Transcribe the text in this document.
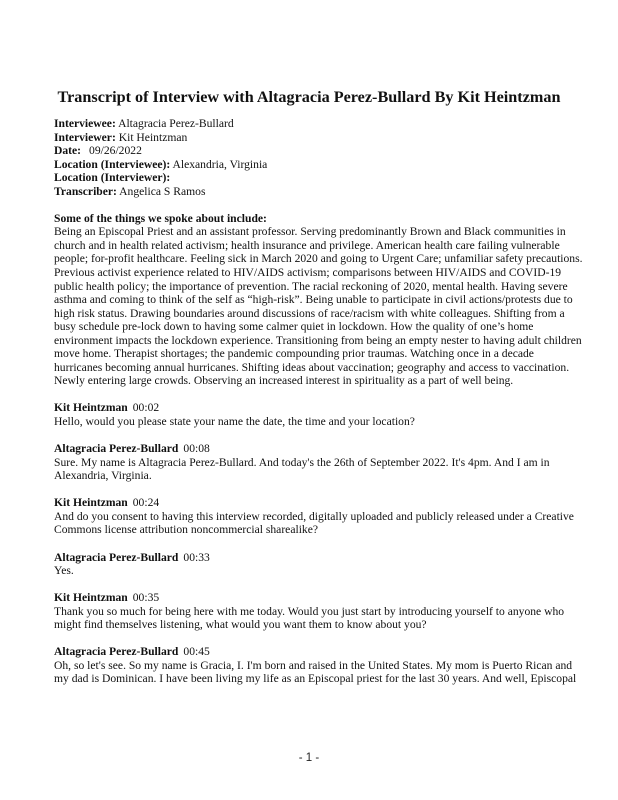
Transcript of Interview with Altagracia Perez-Bullard By Kit Heintzman
Interviewee: Altagracia Perez-Bullard
Interviewer: Kit Heintzman
Date: 09/26/2022
Location (Interviewee): Alexandria, Virginia
Location (Interviewer):
Transcriber: Angelica S Ramos
Some of the things we spoke about include:
Being an Episcopal Priest and an assistant professor. Serving predominantly Brown and Black communities in
church and in health related activism; health insurance and privilege. American health care failing vulnerable
people; for-profit healthcare. Feeling sick in March 2020 and going to Urgent Care; unfamiliar safety precautions.
Previous activist experience related to HIV/AIDS activism; comparisons between HIV/AIDS and COVID-19
public health policy; the importance of prevention. The racial reckoning of 2020, mental health. Having severe
asthma and coming to think of the self as “high-risk”. Being unable to participate in civil actions/protests due to
high risk status. Drawing boundaries around discussions of race/racism with white colleagues. Shifting from a
busy schedule pre-lock down to having some calmer quiet in lockdown. How the quality of one’s home
environment impacts the lockdown experience. Transitioning from being an empty nester to having adult children
move home. Therapist shortages; the pandemic compounding prior traumas. Watching once in a decade
hurricanes becoming annual hurricanes. Shifting ideas about vaccination; geography and access to vaccination.
Newly entering large crowds. Observing an increased interest in spirituality as a part of well being.
Kit Heintzman 00:02
Hello, would you please state your name the date, the time and your location?
Altagracia Perez-Bullard 00:08
Sure. My name is Altagracia Perez-Bullard. And today's the 26th of September 2022. It's 4pm. And I am in
Alexandria, Virginia.
Kit Heintzman 00:24
And do you consent to having this interview recorded, digitally uploaded and publicly released under a Creative
Commons license attribution noncommercial sharealike?
Altagracia Perez-Bullard 00:33
Yes.
Kit Heintzman 00:35
Thank you so much for being here with me today. Would you just start by introducing yourself to anyone who
might find themselves listening, what would you want them to know about you?
Altagracia Perez-Bullard 00:45
Oh, so let's see. So my name is Gracia, I. I'm born and raised in the United States. My mom is Puerto Rican and
my dad is Dominican. I have been living my life as an Episcopal priest for the last 30 years. And well, Episcopal
- 1 -
